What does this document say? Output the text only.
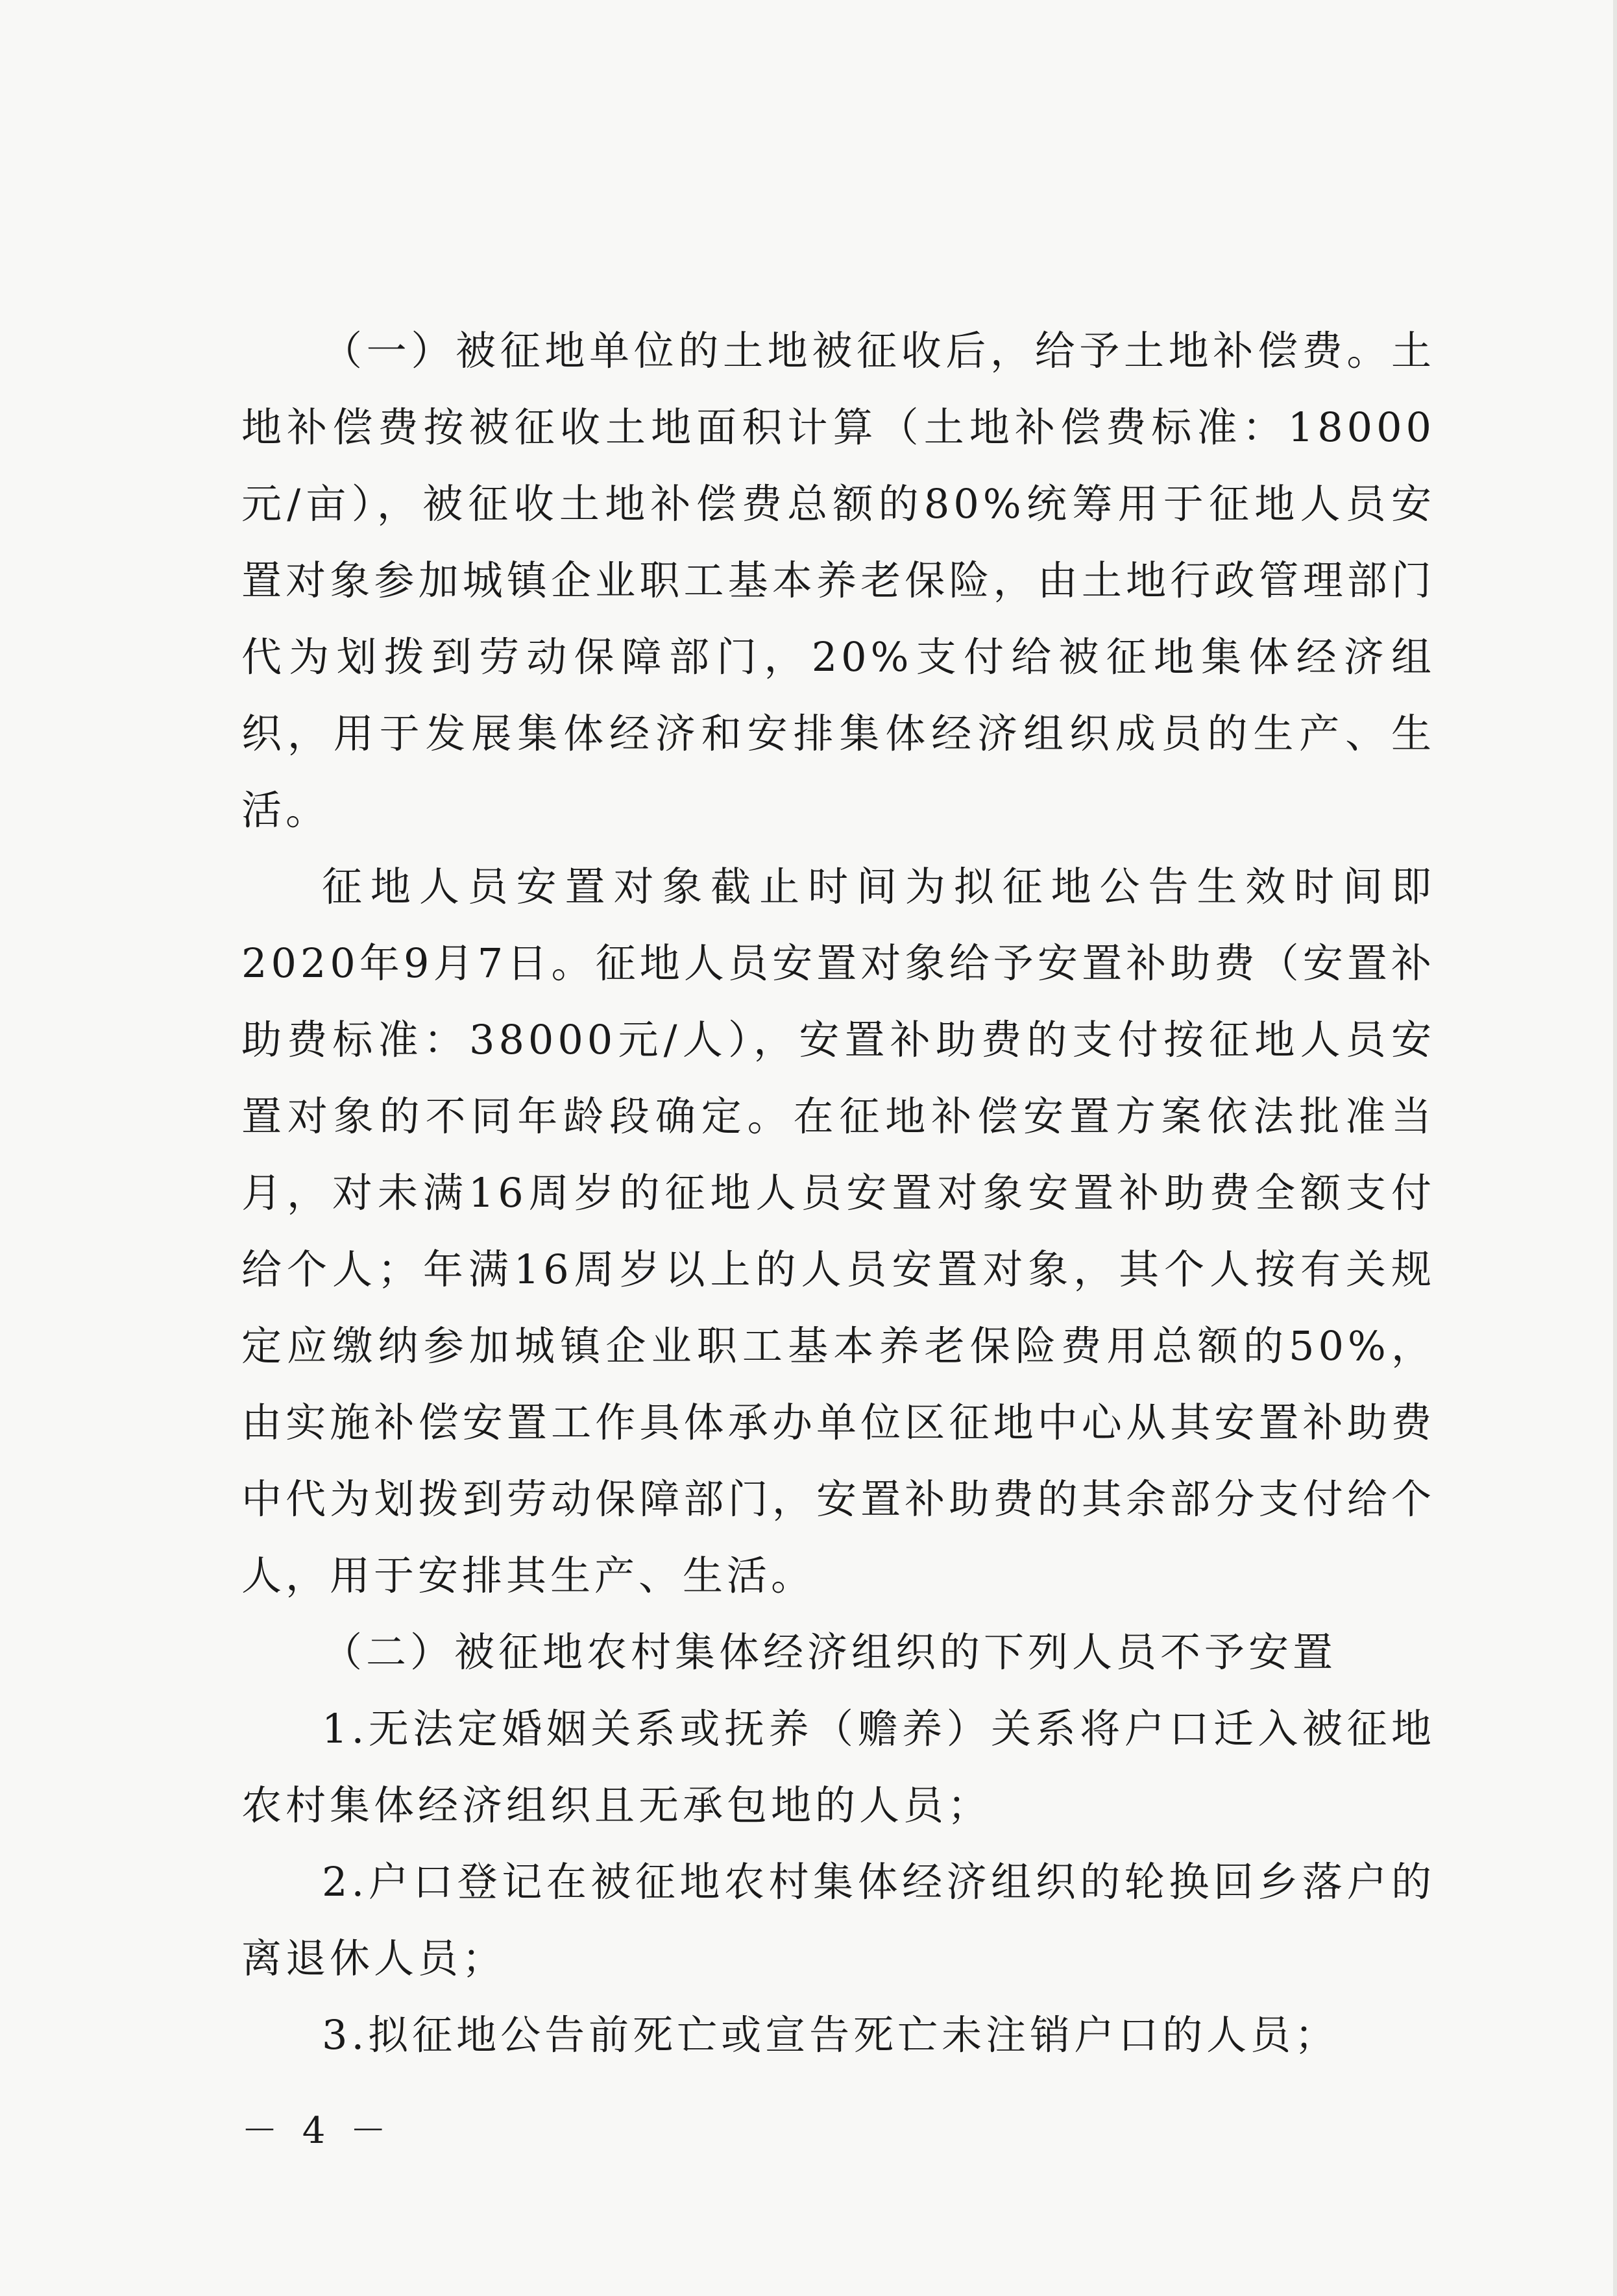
（一）被征地单位的土地被征收后，给予土地补偿费。土地补偿费按被征收土地面积计算（土地补偿费标准：18000元/亩），被征收土地补偿费总额的80%统筹用于征地人员安置对象参加城镇企业职工基本养老保险，由土地行政管理部门代为划拨到劳动保障部门，20%支付给被征地集体经济组织，用于发展集体经济和安排集体经济组织成员的生产、生活。

征地人员安置对象截止时间为拟征地公告生效时间即2020年9月7日。征地人员安置对象给予安置补助费（安置补助费标准：38000元/人），安置补助费的支付按征地人员安置对象的不同年龄段确定。在征地补偿安置方案依法批准当月，对未满16周岁的征地人员安置对象安置补助费全额支付给个人；年满16周岁以上的人员安置对象，其个人按有关规定应缴纳参加城镇企业职工基本养老保险费用总额的50%，由实施补偿安置工作具体承办单位区征地中心从其安置补助费中代为划拨到劳动保障部门，安置补助费的其余部分支付给个人，用于安排其生产、生活。

（二）被征地农村集体经济组织的下列人员不予安置

1.无法定婚姻关系或抚养（赡养）关系将户口迁入被征地农村集体经济组织且无承包地的人员；

2.户口登记在被征地农村集体经济组织的轮换回乡落户的离退休人员；

3.拟征地公告前死亡或宣告死亡未注销户口的人员；

－ 4 －
